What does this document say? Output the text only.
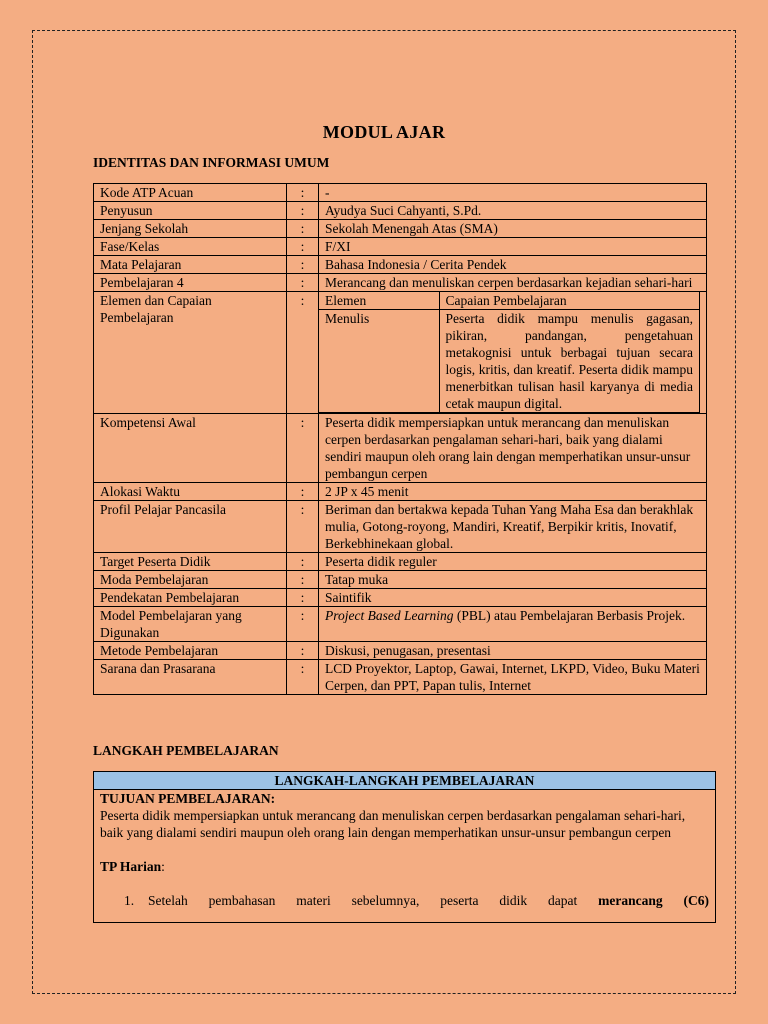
MODUL AJAR
IDENTITAS DAN INFORMASI UMUM
Kode ATP Acuan	:	-
Penyusun	:	Ayudya Suci Cahyanti, S.Pd.
Jenjang Sekolah	:	Sekolah Menengah Atas (SMA)
Fase/Kelas	:	F/XI
Mata Pelajaran	:	Bahasa Indonesia / Cerita Pendek
Pembelajaran 4	:	Merancang dan menuliskan cerpen berdasarkan kejadian sehari-hari
Elemen dan Capaian Pembelajaran	:	Elemen	Capaian Pembelajaran
Menulis	Peserta didik mampu menulis gagasan, pikiran, pandangan, pengetahuan metakognisi untuk berbagai tujuan secara logis, kritis, dan kreatif. Peserta didik mampu menerbitkan tulisan hasil karyanya di media cetak maupun digital.

Kompetensi Awal	:	Peserta didik mempersiapkan untuk merancang dan menuliskan cerpen berdasarkan pengalaman sehari-hari, baik yang dialami sendiri maupun oleh orang lain dengan memperhatikan unsur-unsur pembangun cerpen
Alokasi Waktu	:	2 JP x 45 menit
Profil Pelajar Pancasila	:	Beriman dan bertakwa kepada Tuhan Yang Maha Esa dan berakhlak mulia, Gotong-royong, Mandiri, Kreatif, Berpikir kritis, Inovatif, Berkebhinekaan global.
Target Peserta Didik	:	Peserta didik reguler
Moda Pembelajaran	:	Tatap muka
Pendekatan Pembelajaran	:	Saintifik
Model Pembelajaran yang Digunakan	:	Project Based Learning (PBL) atau Pembelajaran Berbasis Projek.
Metode Pembelajaran	:	Diskusi, penugasan, presentasi
Sarana dan Prasarana	:	LCD Proyektor, Laptop, Gawai, Internet, LKPD, Video, Buku Materi Cerpen, dan PPT, Papan tulis, Internet
LANGKAH PEMBELAJARAN
LANGKAH-LANGKAH PEMBELAJARAN
TUJUAN PEMBELAJARAN:
Peserta didik mempersiapkan untuk merancang dan menuliskan cerpen berdasarkan pengalaman sehari-hari, baik yang dialami sendiri maupun oleh orang lain dengan memperhatikan unsur-unsur pembangun cerpen
TP Harian:
1.	Setelah pembahasan materi sebelumnya, peserta didik dapat merancang (C6)
